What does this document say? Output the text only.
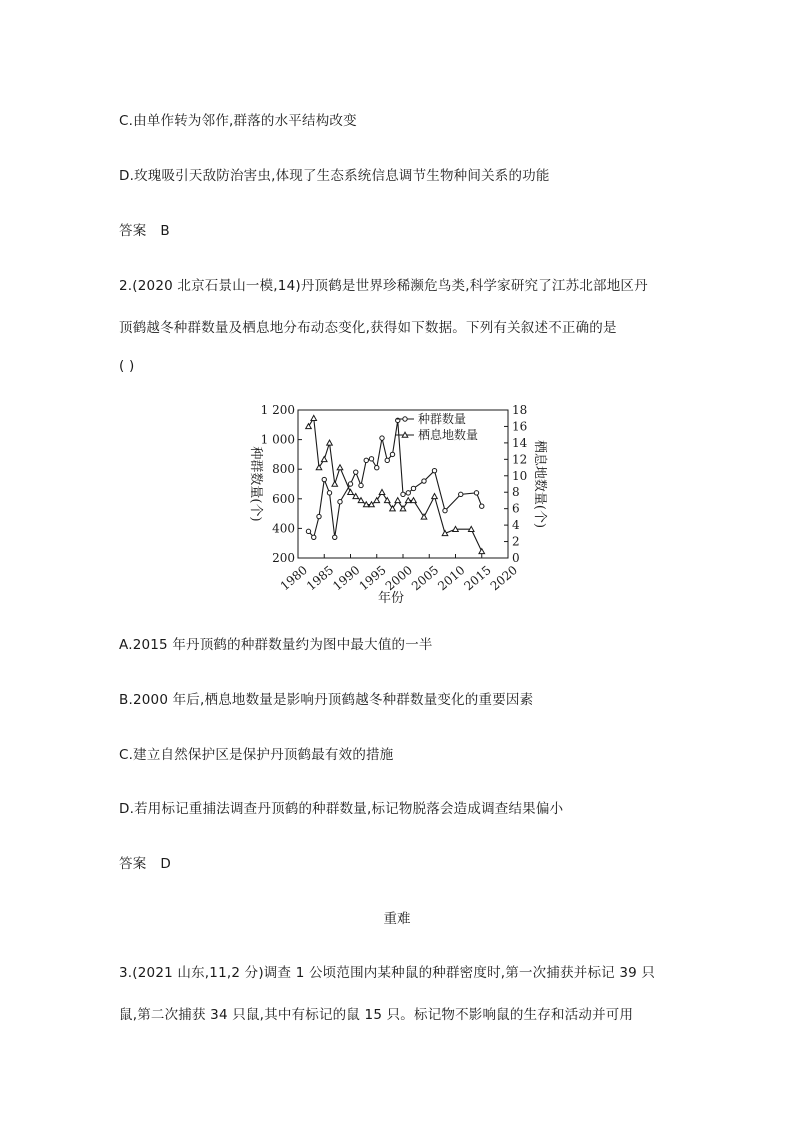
C.由单作转为邻作,群落的水平结构改变
D.玫瑰吸引天敌防治害虫,体现了生态系统信息调节生物种间关系的功能
答案 B
2.(2020 北京石景山一模,14)丹顶鹤是世界珍稀濒危鸟类,科学家研究了江苏北部地区丹
顶鹤越冬种群数量及栖息地分布动态变化,获得如下数据。下列有关叙述不正确的是
( )
年份
种群数量(个)	栖息地数量(个)
200
400
600
800
1 000
1 200
0
2
4
6
8
10
12
14
16
18
1980
1985
1990
1995
2000
2005
2010
2015
2020
种群数量
栖息地数量
A.2015 年丹顶鹤的种群数量约为图中最大值的一半
B.2000 年后,栖息地数量是影响丹顶鹤越冬种群数量变化的重要因素
C.建立自然保护区是保护丹顶鹤最有效的措施
D.若用标记重捕法调查丹顶鹤的种群数量,标记物脱落会造成调查结果偏小
答案 D
重难
3.(2021 山东,11,2 分)调查 1 公顷范围内某种鼠的种群密度时,第一次捕获并标记 39 只
鼠,第二次捕获 34 只鼠,其中有标记的鼠 15 只。标记物不影响鼠的生存和活动并可用
